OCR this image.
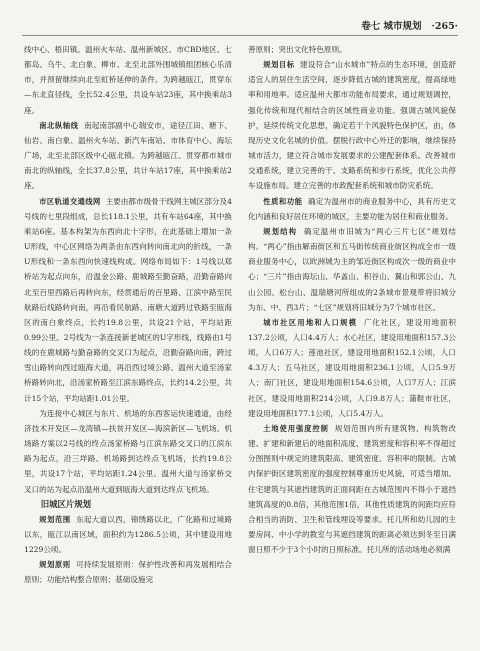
卷七 城市规划 ·265·

线中心、梧田镇。温州火车站、温州新城区、市CBD地区、七都岛、乌牛、北白象、柳市、北至北部外围城镇组团核心乐清市，并预留继续向北至虹桥延伸的条件。为跨越瓯江，贯穿东—东北直径线，全长52.4公里，共设车站23座，其中换乘站3座。

南北纵轴线 南起南部副中心瑞安市，途径江田、塘下、仙岩、南白象、温州火车站、新汽车南站、市体育中心、海坛广场，北至北部区级中心瓯北镇。为跨越瓯江、贯穿都市城市南北的纵轴线，全长37.8公里，共计车站17座，其中换乘站2座。

市区轨道交通线网 主要由都市级骨干线网主城区部分及4号线的七里段组成，总长118.1公里，共有车站64座，其中换乘站6座。基本构架为东西向北十字形，在此基础上增加一条U形线，中心区网络为两条由东西向转向南北向的折线，一条U形线和一条东西向快速线构成。网络布局如下：1号线以郑桥站为起点向东，沿温金公路、鹿城路至勤奋路，沿勤奋路向北至百里西路后再转向东，经贯通后的百里路、江滨中路至民航路后线路转向南，再沿看民航路、南塘大道跨过铁路至瓯海区的南白象终点，长约19.8公里，共设21个站，平均站距0.99公里。2号线为一条连接新老城区的U字形线，线路由1号线的在鹿城路与勤奋路的交叉口为起点，沿勤奋路向南，跨过雪山路转向西过瓯海大道，再沿西过境公路、温州大道至汤家桥路转向北，沿汤家桥路至江滨东路终点，长约14.2公里，共计15个站，平均站距1.01公里。

为连接中心城区与东片、机场的东西客运快速通道，由经济技术开发区—龙湾镇—扶贫开发区—海滨新区—飞机场。机场路方案以2号线的终点汤家桥路与江滨东路交叉口的江滨东路为起点，沿三垟路、机场路到达终点飞机场，长约19.8公里，共设17个站，平均站距1.24公里。温州大道与汤家桥交叉口的站为起点沿温州大道到瓯海大道到达终点飞机场。

旧城区片规划

规划范围 东起大道以西，锦绣路以北，广化路和过境路以东，瓯江以南区域，面积约为1286.5公顷，其中建设用地1229公顷。

规划原则 可持续发展原则：保护性改善和再发展相结合原则；功能结构整合原则；基础设施完

善原则；突出文化特色原则。

规划目标 建设符合“山水城市”特点的生态环境，创造舒适宜人的居住生活空间，逐步降低古城的建筑密度，提高绿地率和用地率。适应温州大都市功能布局要求，通过规划调控，强化传统和现代相结合的区域性商业功能。强调古城风貌保护，延续传统文化思想，确定若干个风貌特色保护区，由，体现历史文化名城的价值。摆脱行政中心外迁的影响，继续保持城市活力，建立符合城市发展要求的公建配套体系。改善城市交通系统，建立完善的干、支路系统和步行系统，优化公共停车设施布局。建立完善的市政配套系统和城市防灾系统。

性质和功能 确定为温州市的商业服务中心，具有历史文化内涵和良好居住环境的城区，主要功能为居住和商业服务。

规划结构 确定温州市旧城为“两心三片七区”规划结构。“两心”指由解南街区和五马街传统商业街区构成全市一级商业服务中心，以欧洲城为主的邹近街区构成次一级的商业中心；“三片”指由海坛山、华盖山、积谷山、翼山和郭公山、九山公园、松台山、温瑞塘河所组成的2条城市景观带将旧城分为东、中、西3片；“七区”规划将旧城分为7个城市社区。

城市社区用地和人口规模 广化社区，建设用地面积137.2公顷，人口4.4万人；水心社区，建设用地面积157.3公顷，人口6万人；莲池社区，建设用地面积152.1公顷，人口4.3万人；五马社区，建设用地面积236.1公顷，人口5.9万人；南门社区，建设用地面积154.6公顷，人口7万人；江滨社区，建设用地面积214公顷，人口9.8万人；蒲鞋市社区，建设用地面积177.1公顷，人口5.4万人。

土地使用强度控制 规划范围内所有建筑物、构筑物改建、扩建和新建后的地面积高度、建筑密度和容积率不得超过分图图则中规定的建筑限高、建筑密度、容积率的限制。古城内保护街区建筑密度的强度控制尊重历史风貌，可适当增加。住宅建筑与其遮挡建筑的正面间距在古城范围内不得小于遮挡建筑高度的0.8倍，其他范围1倍，其他性质建筑的间距均应符合相当的消防、卫生和管线埋设等要求。托儿所和幼儿园的主要房间、中小学的教室与其遮挡建筑的距离必须达到冬至日满窗日照不少于3个小时的日照标准。托儿所的活动场地必须满
